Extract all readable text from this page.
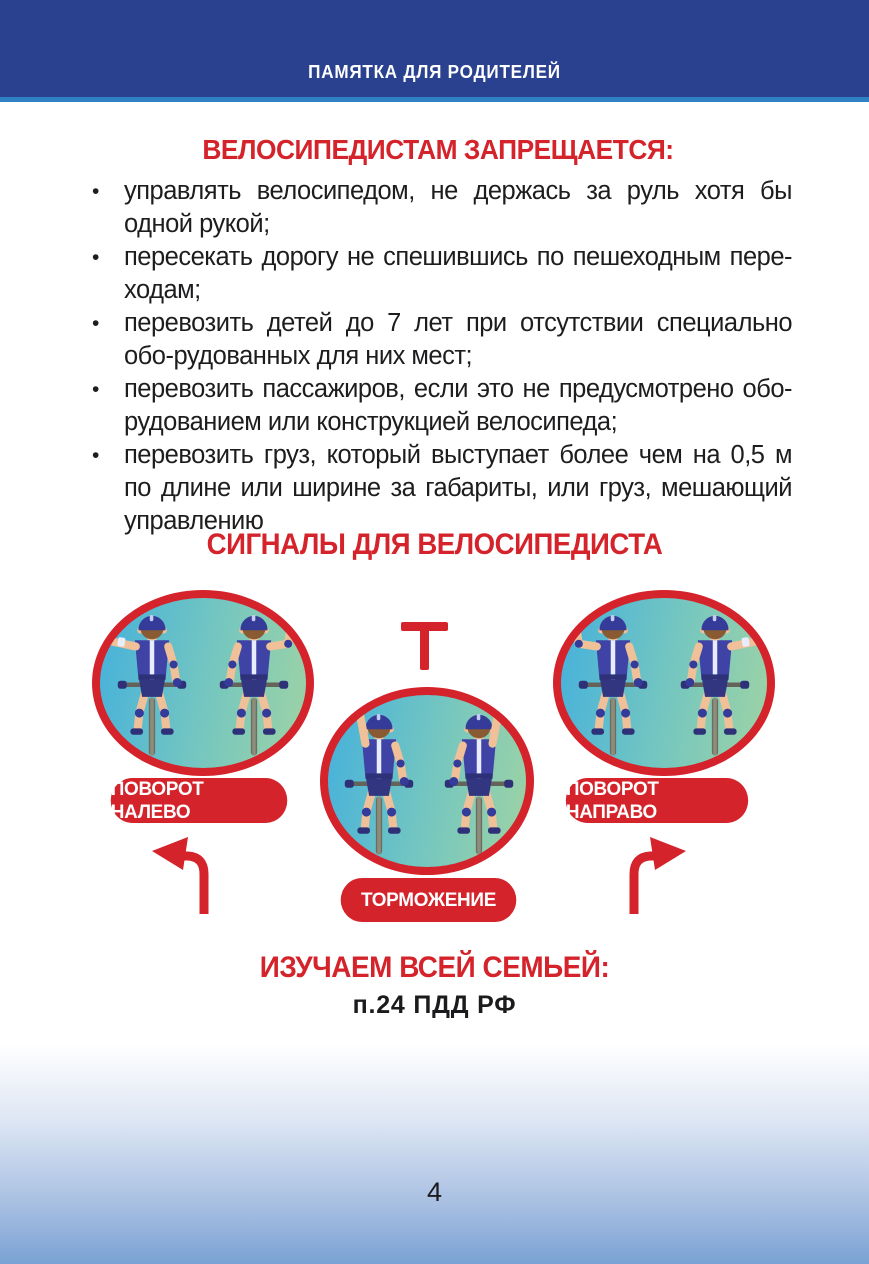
ПАМЯТКА ДЛЯ РОДИТЕЛЕЙ
ВЕЛОСИПЕДИСТАМ ЗАПРЕЩАЕТСЯ:
• управлять велосипедом, не держась за руль хотя бы одной рукой;
• пересекать дорогу не спешившись по пешеходным пере-ходам;
• перевозить детей до 7 лет при отсутствии специально обо-рудованных для них мест;
• перевозить пассажиров, если это не предусмотрено обо-рудованием или конструкцией велосипеда;
• перевозить груз, который выступает более чем на 0,5 м по длине или ширине за габариты, или груз, мешающий управлению
СИГНАЛЫ ДЛЯ ВЕЛОСИПЕДИСТА
ПОВОРОТ НАЛЕВО
ТОРМОЖЕНИЕ
ПОВОРОТ НАПРАВО
ИЗУЧАЕМ ВСЕЙ СЕМЬЕЙ:
п.24 ПДД РФ
4
